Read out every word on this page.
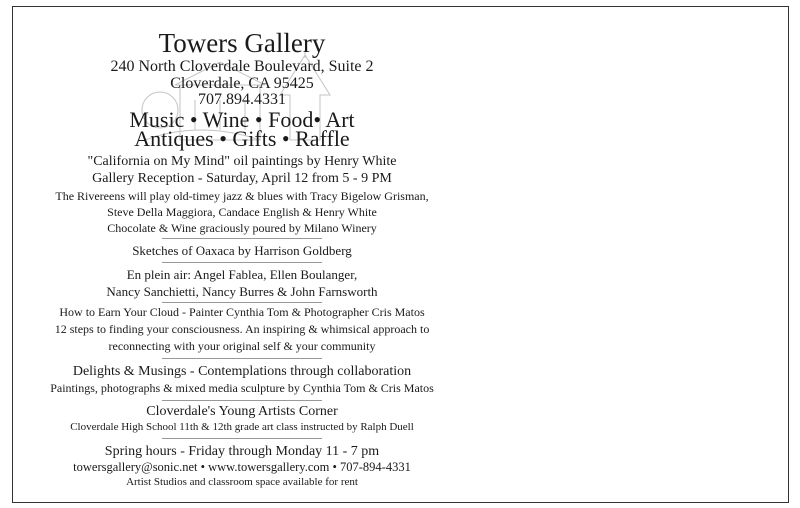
Towers Gallery
240 North Cloverdale Boulevard, Suite 2
Cloverdale, CA 95425
707.894.4331
Music • Wine • Food• Art
Antiques • Gifts • Raffle
"California on My Mind" oil paintings by Henry White
Gallery Reception - Saturday, April 12 from 5 - 9 PM
The Rivereens will play old-timey jazz & blues with Tracy Bigelow Grisman,
Steve Della Maggiora, Candace English & Henry White
Chocolate & Wine graciously poured by Milano Winery
Sketches of Oaxaca by Harrison Goldberg
En plein air: Angel Fablea, Ellen Boulanger,
Nancy Sanchietti, Nancy Burres & John Farnsworth
How to Earn Your Cloud - Painter Cynthia Tom & Photographer Cris Matos
12 steps to finding your consciousness. An inspiring & whimsical approach to
reconnecting with your original self & your community
Delights & Musings - Contemplations through collaboration
Paintings, photographs & mixed media sculpture by Cynthia Tom & Cris Matos
Cloverdale's Young Artists Corner
Cloverdale High School 11th & 12th grade art class instructed by Ralph Duell
Spring hours - Friday through Monday 11 - 7 pm
towersgallery@sonic.net • www.towersgallery.com • 707-894-4331
Artist Studios and classroom space available for rent
